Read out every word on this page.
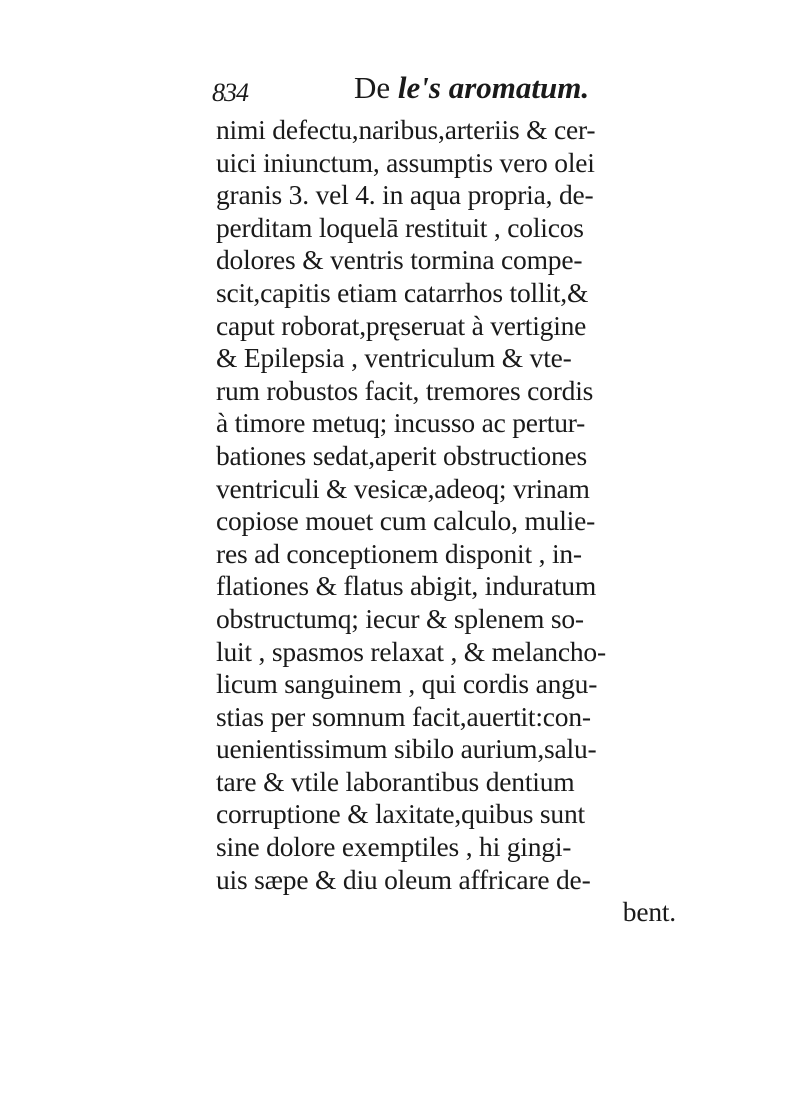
834	De le's aromatum.
nimi defectu,naribus,arteriis & cer-
uici iniunctum, assumptis vero olei
granis 3. vel 4. in aqua propria, de-
perditam loquelā restituit , colicos
dolores & ventris tormina compe-
scit,capitis etiam catarrhos tollit,&
caput roborat,pręseruat à vertigine
& Epilepsia , ventriculum & vte-
rum robustos facit, tremores cordis
à timore metuq; incusso ac pertur-
bationes sedat,aperit obstructiones
ventriculi & vesicæ,adeoq; vrinam
copiose mouet cum calculo, mulie-
res ad conceptionem disponit , in-
flationes & flatus abigit, induratum
obstructumq; iecur & splenem so-
luit , spasmos relaxat , & melancho-
licum sanguinem , qui cordis angu-
stias per somnum facit,auertit:con-
uenientissimum sibilo aurium,salu-
tare & vtile laborantibus dentium
corruptione & laxitate,quibus sunt
sine dolore exemptiles , hi gingi-
uis sæpe & diu oleum affricare de-
bent.
